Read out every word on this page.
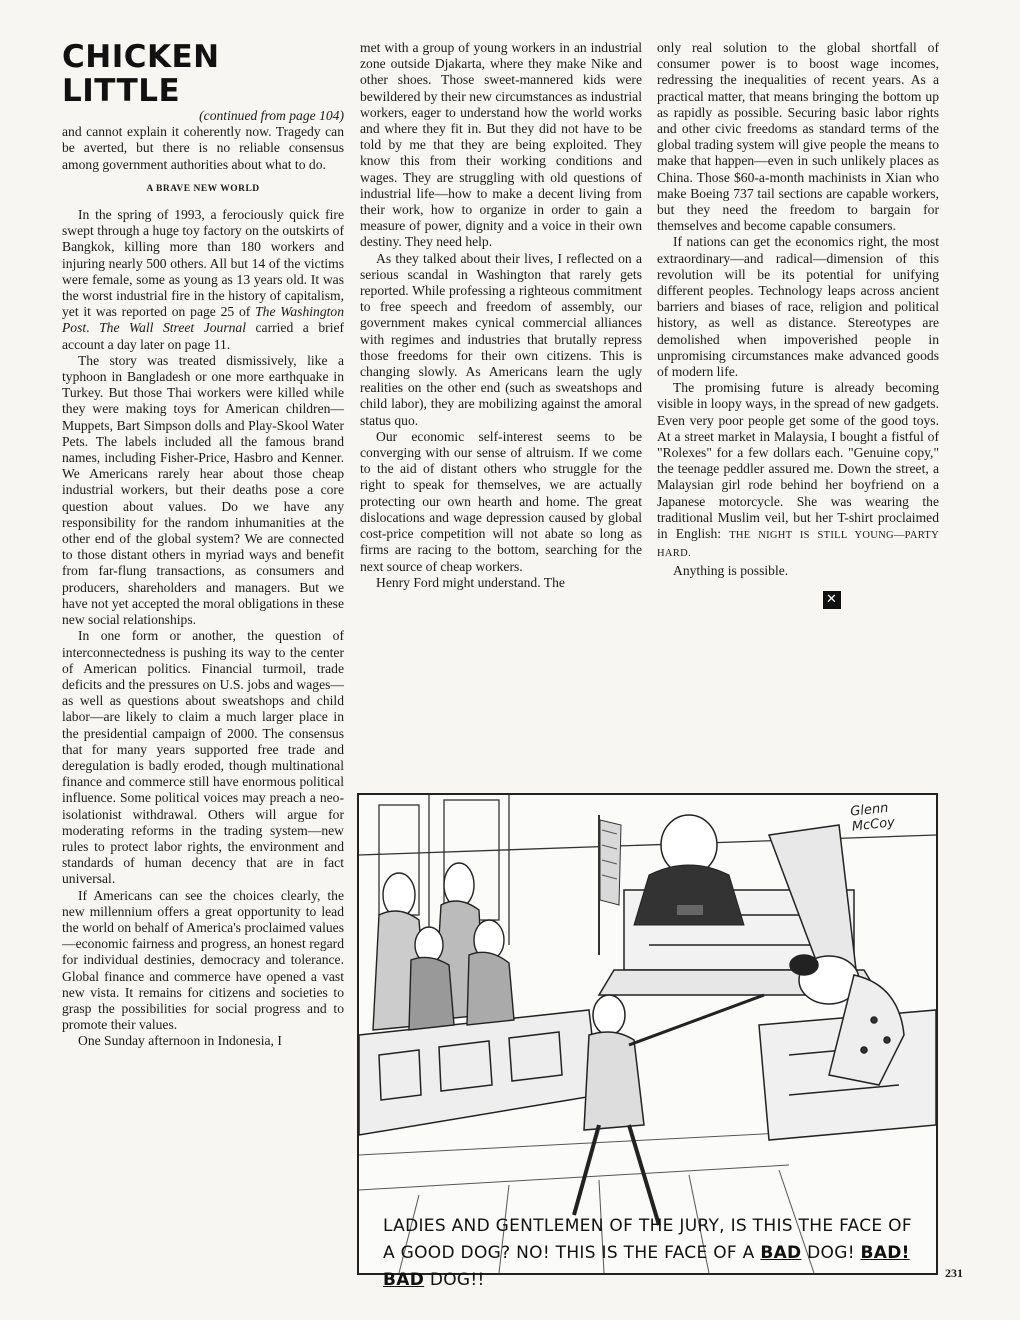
CHICKEN LITTLE

(continued from page 104)

and cannot explain it coherently now. Tragedy can be averted, but there is no reliable consensus among government authorities about what to do.

A BRAVE NEW WORLD

In the spring of 1993, a ferociously quick fire swept through a huge toy factory on the outskirts of Bangkok, killing more than 180 workers and injuring nearly 500 others. All but 14 of the victims were female, some as young as 13 years old. It was the worst industrial fire in the history of capitalism, yet it was reported on page 25 of The Washington Post. The Wall Street Journal carried a brief account a day later on page 11.

The story was treated dismissively, like a typhoon in Bangladesh or one more earthquake in Turkey. But those Thai workers were killed while they were making toys for American children—Muppets, Bart Simpson dolls and Play-Skool Water Pets. The labels included all the famous brand names, including Fisher-Price, Hasbro and Kenner. We Americans rarely hear about those cheap industrial workers, but their deaths pose a core question about values. Do we have any responsibility for the random inhumanities at the other end of the global system? We are connected to those distant others in myriad ways and benefit from far-flung transactions, as consumers and producers, shareholders and managers. But we have not yet accepted the moral obligations in these new social relationships.

In one form or another, the question of interconnectedness is pushing its way to the center of American politics. Financial turmoil, trade deficits and the pressures on U.S. jobs and wages—as well as questions about sweatshops and child labor—are likely to claim a much larger place in the presidential campaign of 2000. The consensus that for many years supported free trade and deregulation is badly eroded, though multinational finance and commerce still have enormous political influence. Some political voices may preach a neo-isolationist withdrawal. Others will argue for moderating reforms in the trading system—new rules to protect labor rights, the environment and standards of human decency that are in fact universal.

If Americans can see the choices clearly, the new millennium offers a great opportunity to lead the world on behalf of America's proclaimed values—economic fairness and progress, an honest regard for individual destinies, democracy and tolerance. Global finance and commerce have opened a vast new vista. It remains for citizens and societies to grasp the possibilities for social progress and to promote their values.

One Sunday afternoon in Indonesia, I

met with a group of young workers in an industrial zone outside Djakarta, where they make Nike and other shoes. Those sweet-mannered kids were bewildered by their new circumstances as industrial workers, eager to understand how the world works and where they fit in. But they did not have to be told by me that they are being exploited. They know this from their working conditions and wages. They are struggling with old questions of industrial life—how to make a decent living from their work, how to organize in order to gain a measure of power, dignity and a voice in their own destiny. They need help.

As they talked about their lives, I reflected on a serious scandal in Washington that rarely gets reported. While professing a righteous commitment to free speech and freedom of assembly, our government makes cynical commercial alliances with regimes and industries that brutally repress those freedoms for their own citizens. This is changing slowly. As Americans learn the ugly realities on the other end (such as sweatshops and child labor), they are mobilizing against the amoral status quo.

Our economic self-interest seems to be converging with our sense of altruism. If we come to the aid of distant others who struggle for the right to speak for themselves, we are actually protecting our own hearth and home. The great dislocations and wage depression caused by global cost-price competition will not abate so long as firms are racing to the bottom, searching for the next source of cheap workers.

Henry Ford might understand. The

only real solution to the global shortfall of consumer power is to boost wage incomes, redressing the inequalities of recent years. As a practical matter, that means bringing the bottom up as rapidly as possible. Securing basic labor rights and other civic freedoms as standard terms of the global trading system will give people the means to make that happen—even in such unlikely places as China. Those $60-a-month machinists in Xian who make Boeing 737 tail sections are capable workers, but they need the freedom to bargain for themselves and become capable consumers.

If nations can get the economics right, the most extraordinary—and radical—dimension of this revolution will be its potential for unifying different peoples. Technology leaps across ancient barriers and biases of race, religion and political history, as well as distance. Stereotypes are demolished when impoverished people in unpromising circumstances make advanced goods of modern life.

The promising future is already becoming visible in loopy ways, in the spread of new gadgets. Even very poor people get some of the good toys. At a street market in Malaysia, I bought a fistful of "Rolexes" for a few dollars each. "Genuine copy," the teenage peddler assured me. Down the street, a Malaysian girl rode behind her boyfriend on a Japanese motorcycle. She was wearing the traditional Muslim veil, but her T-shirt proclaimed in English: THE NIGHT IS STILL YOUNG—PARTY HARD.

Anything is possible.

✕
Glenn McCoy
LADIES AND GENTLEMEN OF THE JURY, IS THIS THE FACE OF A GOOD DOG? NO! THIS IS THE FACE OF A BAD DOG! BAD! BAD DOG!!	231
